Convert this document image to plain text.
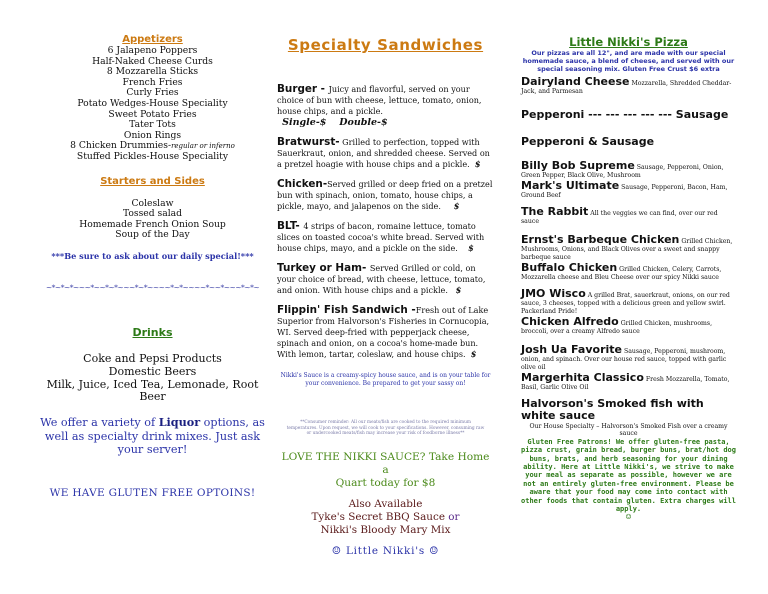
Appetizers
6 Jalapeno Poppers
Half-Naked Cheese Curds
8 Mozzarella Sticks
French Fries
Curly Fries
Potato Wedges-House Speciality
Sweet Potato Fries
Tater Tots
Onion Rings
8 Chicken Drummies-regular or inferno
Stuffed Pickles-House Speciality
Starters and Sides
Coleslaw
Tossed salad
Homemade French Onion Soup
Soup of the Day
***Be sure to ask about our daily special!***
~*~*~*~~~*~~*~*~~~*~*~~~~*~*~~~~*~~*~~~*~*~
Drinks
Coke and Pepsi Products
Domestic Beers
Milk, Juice, Iced Tea, Lemonade, Root
Beer
We offer a variety of Liquor options, as well as specialty drink mixes. Just ask your server!
WE HAVE GLUTEN FREE OPTOINS!
Specialty Sandwiches
Burger - Juicy and flavorful, served on your choice of bun with cheese, lettuce, tomato, onion, house chips, and a pickle.   Single-$ Double-$
Bratwurst- Grilled to perfection, topped with Sauerkraut, onion, and shredded cheese. Served on a pretzel hoagie with house chips and a pickle. $
Chicken-Served grilled or deep fried on a pretzel bun with spinach, onion, tomato, house chips, a pickle, mayo, and jalapenos on the side. $
BLT- 4 strips of bacon, romaine lettuce, tomato slices on toasted cocoa's white bread. Served with house chips, mayo, and a pickle on the side. $
Turkey or Ham- Served Grilled or cold, on your choice of bread, with cheese, lettuce, tomato, and onion. With house chips and a pickle. $
Flippin' Fish Sandwich -Fresh out of Lake Superior from Halvorson's Fisheries in Cornucopia, WI. Served deep-fried with pepperjack cheese, spinach and onion, on a cocoa's home-made bun. With lemon, tartar, coleslaw, and house chips. $
Nikki's Sauce is a creamy-spicy house sauce, and is on your table for your convenience. Be prepared to get your sassy on!
**Consumer reminder: All our meats/fish are cooked to the required minimum temperatures. Upon request, we will cook to your specifications. However, consuming raw or undercooked meats/fish may increase your risk of foodborne illness**
LOVE THE NIKKI SAUCE? Take Home a
Quart today for $8
Also Available
Tyke's Secret BBQ Sauce or
Nikki's Bloody Mary Mix
☺ Little Nikki's ☺
Little Nikki's Pizza
Our pizzas are all 12", and are made with our special homemade sauce, a blend of cheese, and served with our special seasoning mix. Gluten Free Crust $6 extra
Dairyland Cheese Mozzarella, Shredded Cheddar-Jack, and Parmesan
Pepperoni --- --- --- --- --- Sausage
Pepperoni & Sausage
Billy Bob Supreme Sausage, Pepperoni, Onion, Green Pepper, Black Olive, Mushroom
Mark's Ultimate Sausage, Pepperoni, Bacon, Ham, Ground Beef
The Rabbit All the veggies we can find, over our red sauce
Ernst's Barbeque Chicken Grilled Chicken, Mushrooms, Onions, and Black Olives over a sweet and snappy barbeque sauce
Buffalo Chicken Grilled Chicken, Celery, Carrots, Mozzarella cheese and Bleu Cheese over our spicy Nikki sauce
JMO Wisco A grilled Brat, sauerkraut, onions, on our red sauce, 3 cheeses, topped with a delicious green and yellow swirl. Packerland Pride!
Chicken Alfredo Grilled Chicken, mushrooms, broccoli, over a creamy Alfredo sauce
Josh Ua Favorite Sausage, Pepperoni, mushroom, onion, and spinach. Over our house red sauce, topped with garlic olive oil
Margerhita Classico Fresh Mozzarella, Tomato, Basil, Garlic Olive Oil
Halvorson's Smoked fish with white sauce
Our House Specialty – Halvorson's Smoked Fish over a creamy sauce
Gluten Free Patrons! We offer gluten-free pasta, pizza crust, grain bread, burger buns, brat/hot dog buns, brats, and herb seasoning for your dining ability. Here at Little Nikki's, we strive to make your meal as separate as possible, however we are not an entirely gluten-free environment. Please be aware that your food may come into contact with other foods that contain gluten. Extra charges will apply.
☺
